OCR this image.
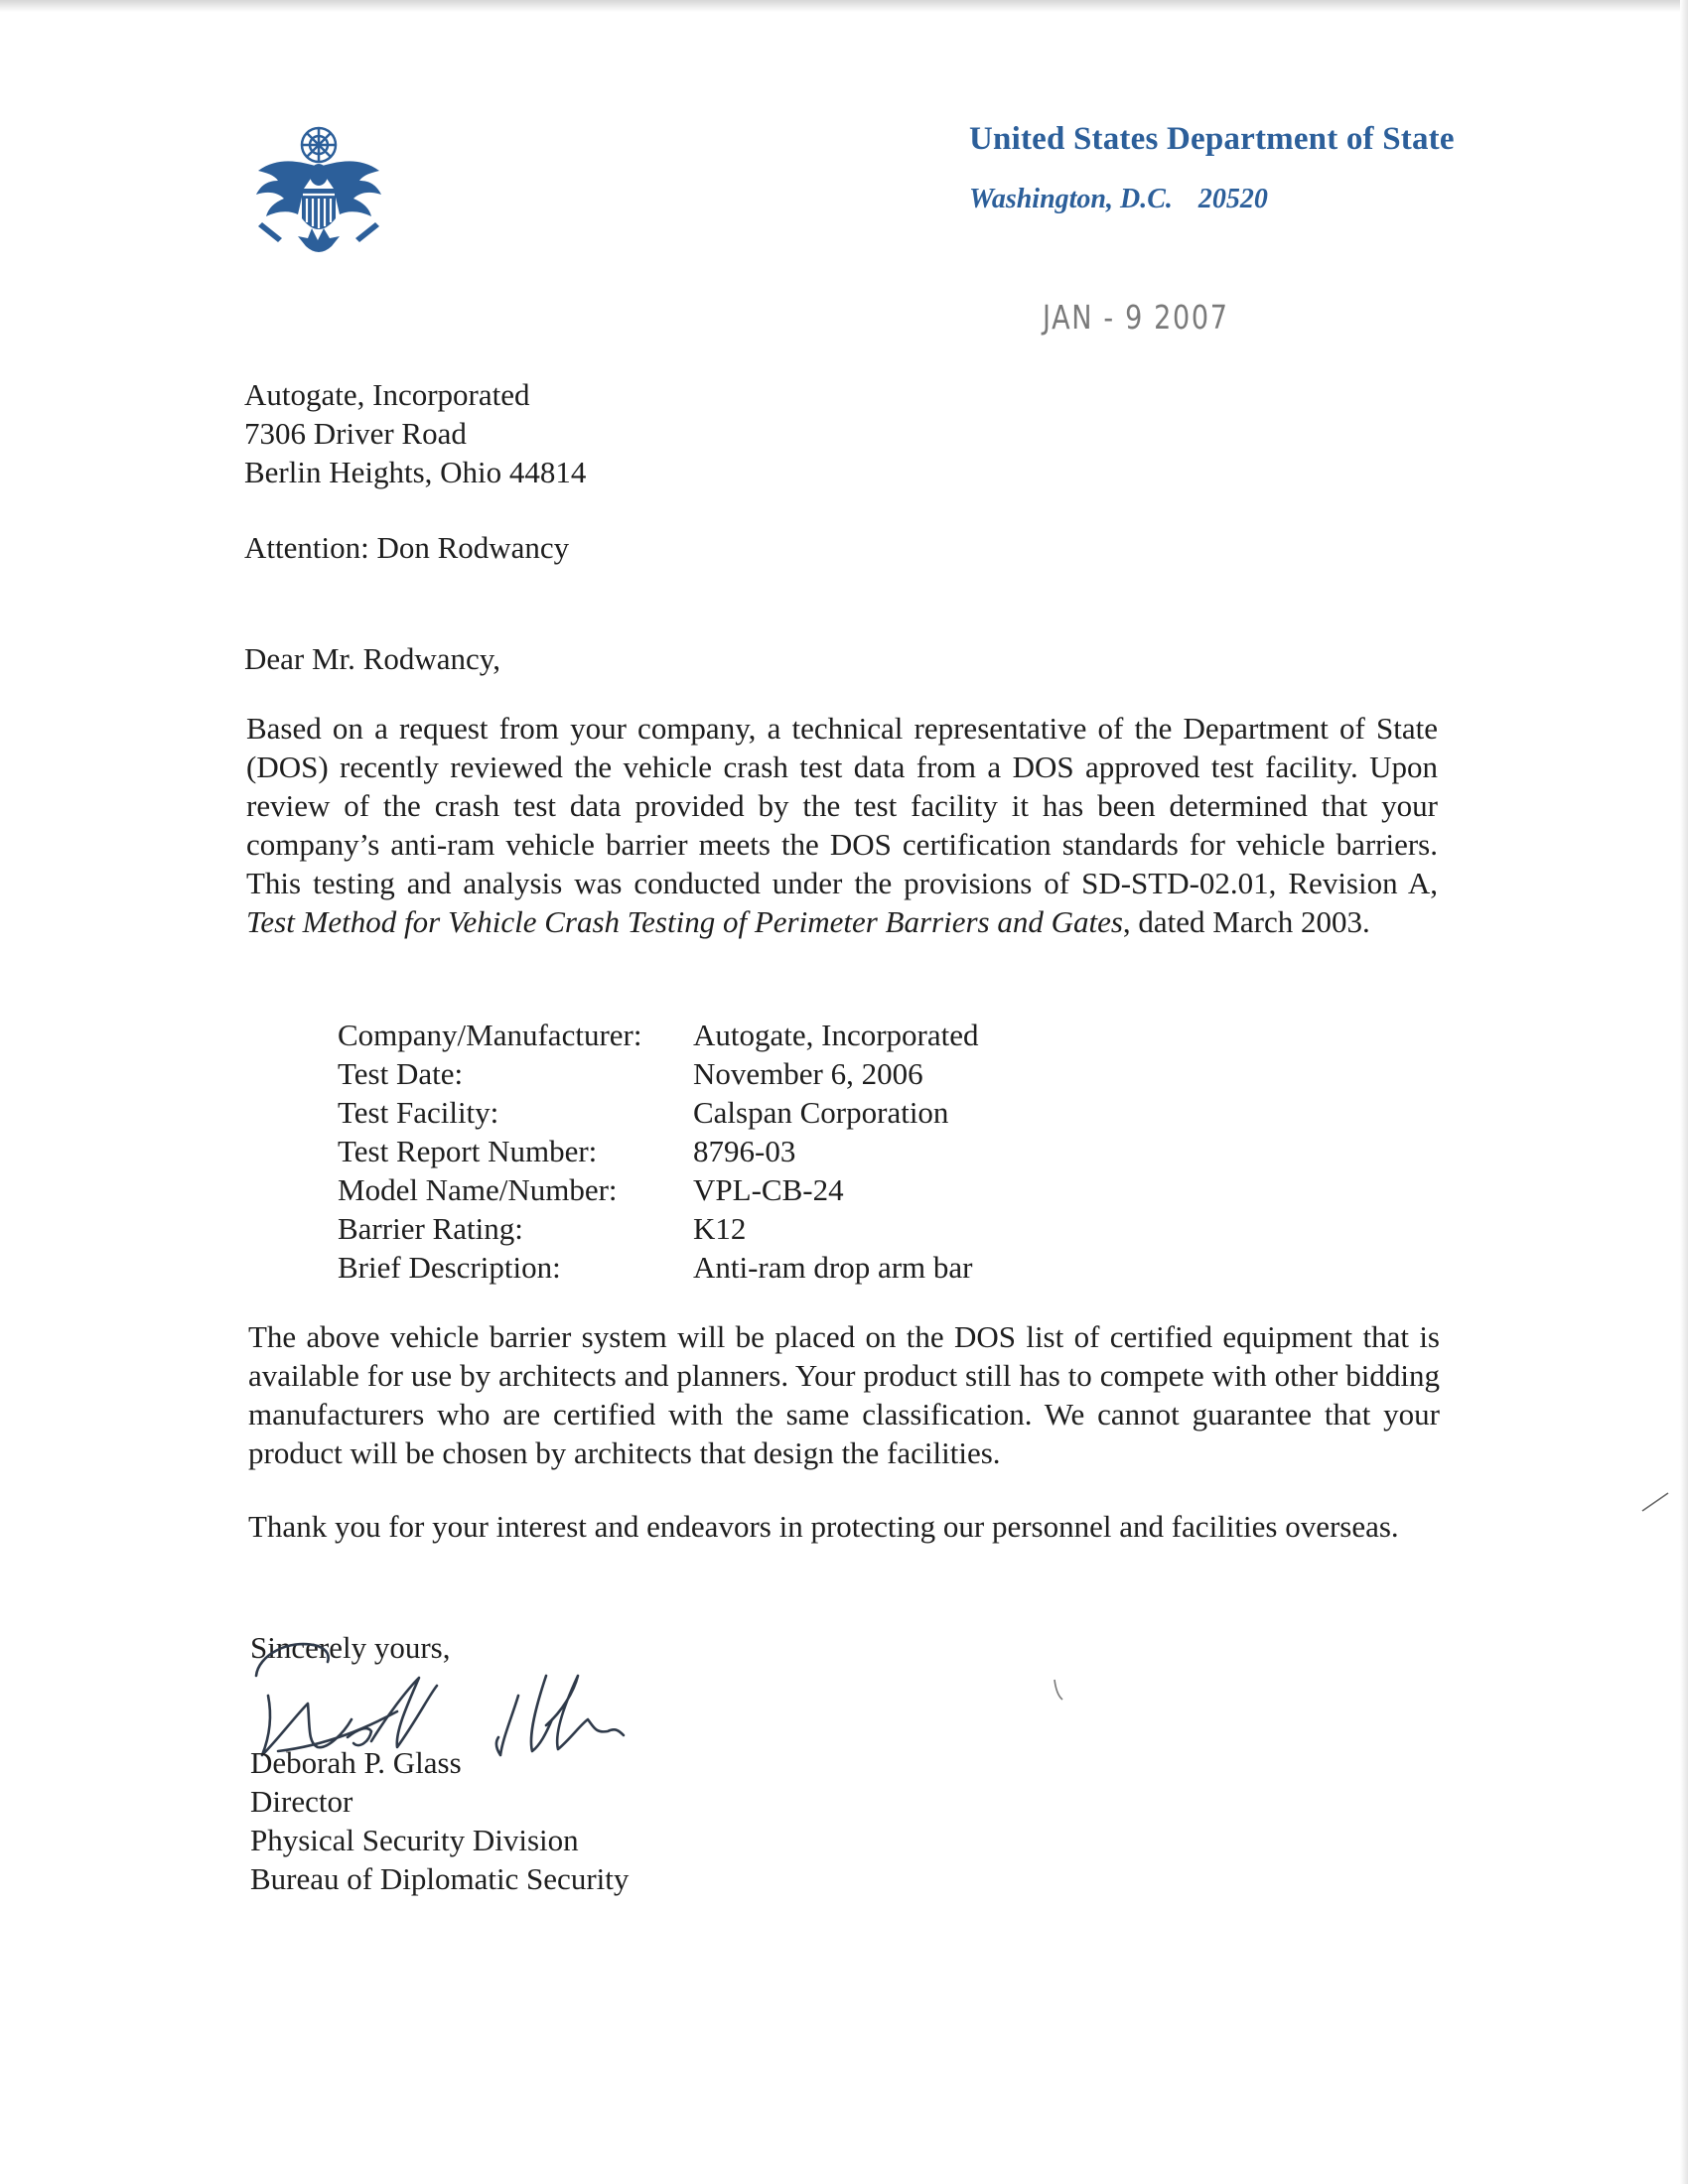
United States Department of State

Washington, D.C. 20520

JAN - 9 2007
Autogate, Incorporated
7306 Driver Road
Berlin Heights, Ohio 44814
Attention: Don Rodwancy
Dear Mr. Rodwancy,

Based on a request from your company, a technical representative of the Department of State (DOS) recently reviewed the vehicle crash test data from a DOS approved test facility. Upon review of the crash test data provided by the test facility it has been determined that your company’s anti-ram vehicle barrier meets the DOS certification standards for vehicle barriers. This testing and analysis was conducted under the provisions of SD-STD-02.01, Revision A, Test Method for Vehicle Crash Testing of Perimeter Barriers and Gates, dated March 2003.

Company/Manufacturer:	Autogate, Incorporated
Test Date:	November 6, 2006
Test Facility:	Calspan Corporation
Test Report Number:	8796-03
Model Name/Number:	VPL-CB-24
Barrier Rating:	K12
Brief Description:	Anti-ram drop arm bar

The above vehicle barrier system will be placed on the DOS list of certified equipment that is available for use by architects and planners. Your product still has to compete with other bidding manufacturers who are certified with the same classification. We cannot guarantee that your product will be chosen by architects that design the facilities.

Thank you for your interest and endeavors in protecting our personnel and facilities overseas.

Sincerely yours,
Deborah P. Glass
Director
Physical Security Division
Bureau of Diplomatic Security
